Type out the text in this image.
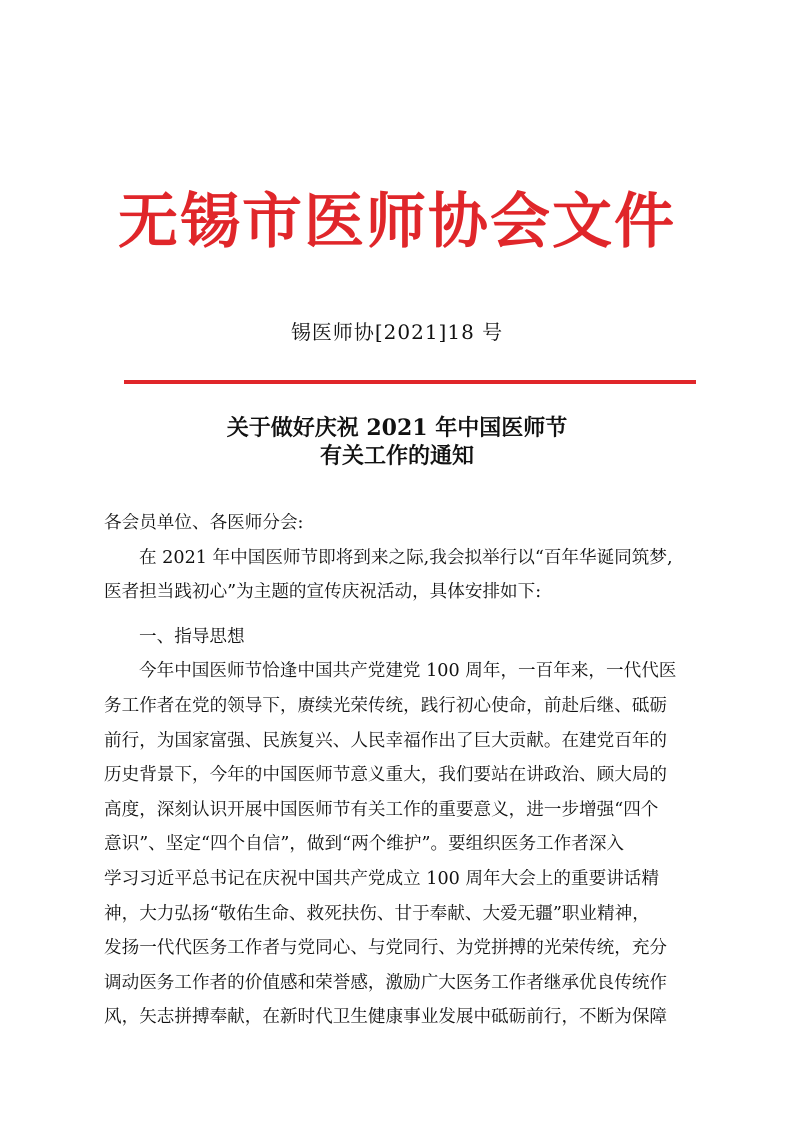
无锡市医师协会文件
锡医师协[2021]18 号
关于做好庆祝 2021 年中国医师节
有关工作的通知

各会员单位、各医师分会:

在 2021 年中国医师节即将到来之际,我会拟举行以“百年华诞同筑梦,
医者担当践初心”为主题的宣传庆祝活动，具体安排如下:

一、指导思想

今年中国医师节恰逢中国共产党建党 100 周年，一百年来，一代代医
务工作者在党的领导下，赓续光荣传统，践行初心使命，前赴后继、砥砺
前行，为国家富强、民族复兴、人民幸福作出了巨大贡献。在建党百年的
历史背景下，今年的中国医师节意义重大，我们要站在讲政治、顾大局的
高度，深刻认识开展中国医师节有关工作的重要意义，进一步增强“四个
意识”、坚定“四个自信”，做到“两个维护”。要组织医务工作者深入
学习习近平总书记在庆祝中国共产党成立 100 周年大会上的重要讲话精
神，大力弘扬“敬佑生命、救死扶伤、甘于奉献、大爱无疆”职业精神，
发扬一代代医务工作者与党同心、与党同行、为党拼搏的光荣传统，充分
调动医务工作者的价值感和荣誉感，激励广大医务工作者继承优良传统作
风，矢志拼搏奉献，在新时代卫生健康事业发展中砥砺前行，不断为保障
